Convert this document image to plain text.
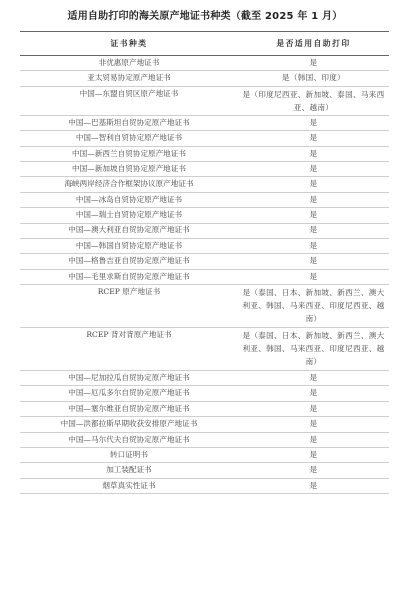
适用自助打印的海关原产地证书种类（截至 2025 年 1 月）
证书种类	是否适用自助打印
非优惠原产地证书	是
亚太贸易协定原产地证书	是（韩国、印度）
中国—东盟自贸区原产地证书	是（印度尼西亚、新加坡、泰国、马来西亚、越南）
中国—巴基斯坦自贸协定原产地证书	是
中国—智利自贸协定原产地证书	是
中国—新西兰自贸协定原产地证书	是
中国—新加坡自贸协定原产地证书	是
海峡两岸经济合作框架协议原产地证书	是
中国—冰岛自贸协定原产地证书	是
中国—瑞士自贸协定原产地证书	是
中国—澳大利亚自贸协定原产地证书	是
中国—韩国自贸协定原产地证书	是
中国—格鲁吉亚自贸协定原产地证书	是
中国—毛里求斯自贸协定原产地证书	是
RCEP 原产地证书	是（泰国、日本、新加坡、新西兰、澳大利亚、韩国、马来西亚、印度尼西亚、越南）
RCEP 背对背原产地证书	是（泰国、日本、新加坡、新西兰、澳大利亚、韩国、马来西亚、印度尼西亚、越南）
中国—尼加拉瓜自贸协定原产地证书	是
中国—厄瓜多尔自贸协定原产地证书	是
中国—塞尔维亚自贸协定原产地证书	是
中国—洪都拉斯早期收获安排原产地证书	是
中国—马尔代夫自贸协定原产地证书	是
转口证明书	是
加工装配证书	是
烟草真实性证书	是
